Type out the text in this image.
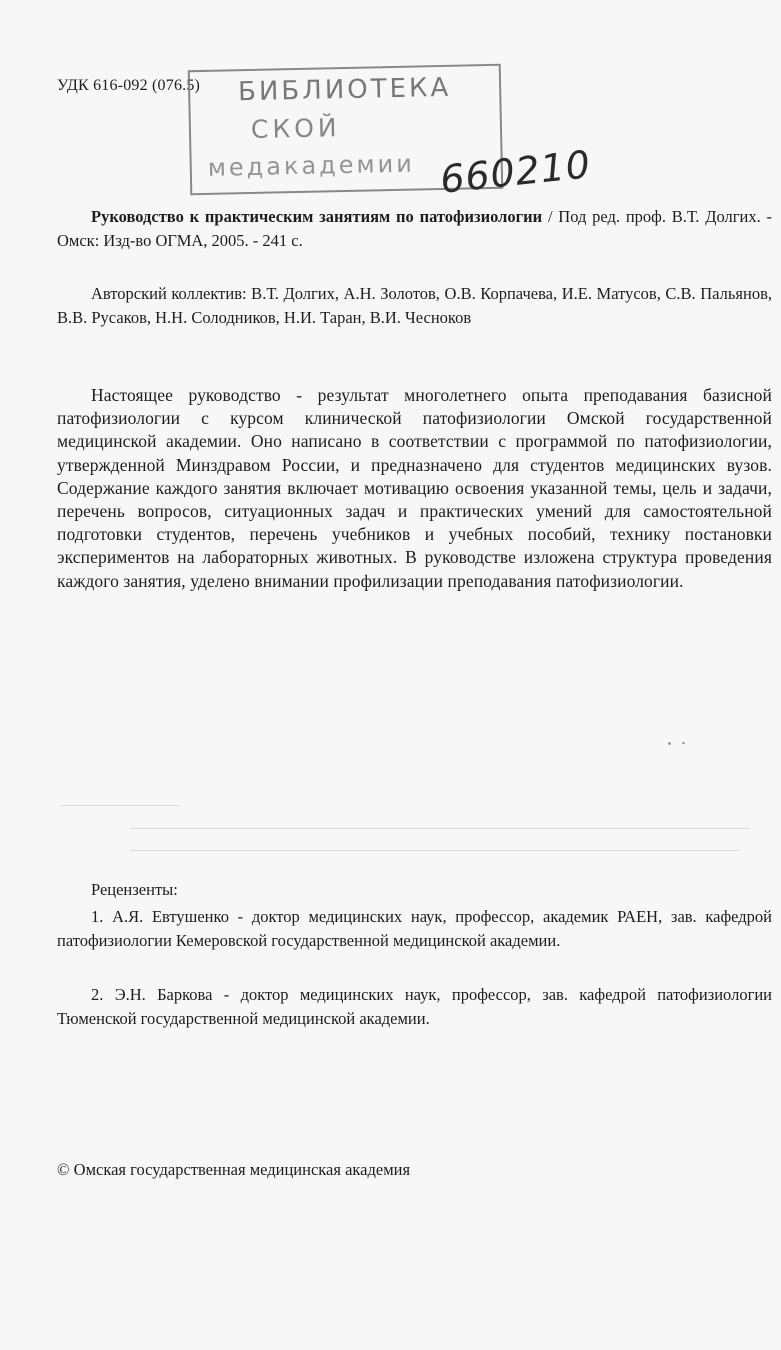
УДК 616-092 (076.5)	БИБЛИОТЕКА
СКОЙ
медакадемии 660210
Руководство к практическим занятиям по патофизиологии / Под ред. проф. В.Т. Долгих. - Омск: Изд-во ОГМА, 2005. - 241 с.
Авторский коллектив: В.Т. Долгих, А.Н. Золотов, О.В. Корпачева, И.Е. Матусов, С.В. Пальянов, В.В. Русаков, Н.Н. Солодников, Н.И. Таран, В.И. Чесноков
Настоящее руководство - результат многолетнего опыта преподавания базисной патофизиологии с курсом клинической патофизиологии Омской государственной медицинской академии. Оно написано в соответствии с программой по патофизиологии, утвержденной Минздравом России, и предназначено для студентов медицинских вузов. Содержание каждого занятия включает мотивацию освоения указанной темы, цель и задачи, перечень вопросов, ситуационных задач и практических умений для самостоятельной подготовки студентов, перечень учебников и учебных пособий, технику постановки экспериментов на лабораторных животных. В руководстве изложена структура проведения каждого занятия, уделено внимании профилизации преподавания патофизиологии.
Рецензенты:
1. А.Я. Евтушенко - доктор медицинских наук, профессор, академик РАЕН, зав. кафедрой патофизиологии Кемеровской государственной медицинской академии.
2. Э.Н. Баркова - доктор медицинских наук, профессор, зав. кафедрой патофизиологии Тюменской государственной медицинской академии.
© Омская государственная медицинская академия
